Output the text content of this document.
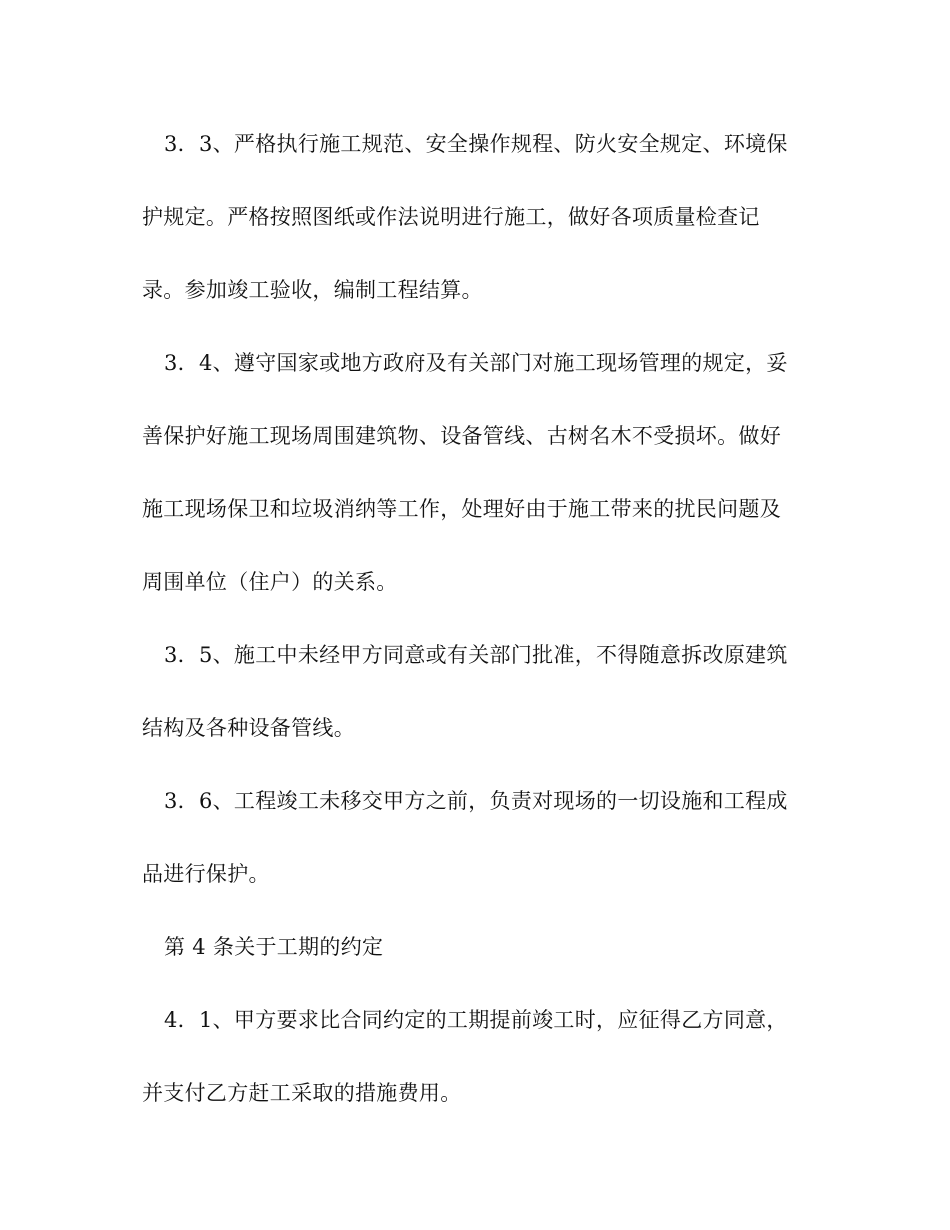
3．3、严格执行施工规范、安全操作规程、防火安全规定、环境保
护规定。严格按照图纸或作法说明进行施工，做好各项质量检查记
录。参加竣工验收，编制工程结算。
3．4、遵守国家或地方政府及有关部门对施工现场管理的规定，妥
善保护好施工现场周围建筑物、设备管线、古树名木不受损坏。做好
施工现场保卫和垃圾消纳等工作，处理好由于施工带来的扰民问题及
周围单位（住户）的关系。
3．5、施工中未经甲方同意或有关部门批准，不得随意拆改原建筑
结构及各种设备管线。
3．6、工程竣工未移交甲方之前，负责对现场的一切设施和工程成
品进行保护。
第 4 条关于工期的约定
4．1、甲方要求比合同约定的工期提前竣工时，应征得乙方同意，
并支付乙方赶工采取的措施费用。
